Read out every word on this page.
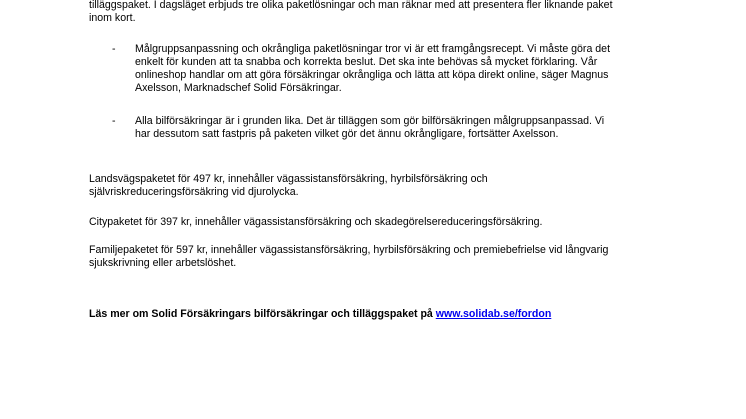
tilläggspaket. I dagsläget erbjuds tre olika paketlösningar och man räknar med att presentera fler liknande paket
inom kort.
- Målgruppsanpassning och okrångliga paketlösningar tror vi är ett framgångsrecept. Vi måste göra det
enkelt för kunden att ta snabba och korrekta beslut. Det ska inte behövas så mycket förklaring. Vår
onlineshop handlar om att göra försäkringar okrångliga och lätta att köpa direkt online, säger Magnus
Axelsson, Marknadschef Solid Försäkringar.
- Alla bilförsäkringar är i grunden lika. Det är tilläggen som gör bilförsäkringen målgruppsanpassad. Vi
har dessutom satt fastpris på paketen vilket gör det ännu okrångligare, fortsätter Axelsson.
Landsvägspaketet för 497 kr, innehåller vägassistansförsäkring, hyrbilsförsäkring och
självriskreduceringsförsäkring vid djurolycka.
Citypaketet för 397 kr, innehåller vägassistansförsäkring och skadegörelsereduceringsförsäkring.
Familjepaketet för 597 kr, innehåller vägassistansförsäkring, hyrbilsförsäkring och premiebefrielse vid långvarig
sjukskrivning eller arbetslöshet.
Läs mer om Solid Försäkringars bilförsäkringar och tilläggspaket på www.solidab.se/fordon
